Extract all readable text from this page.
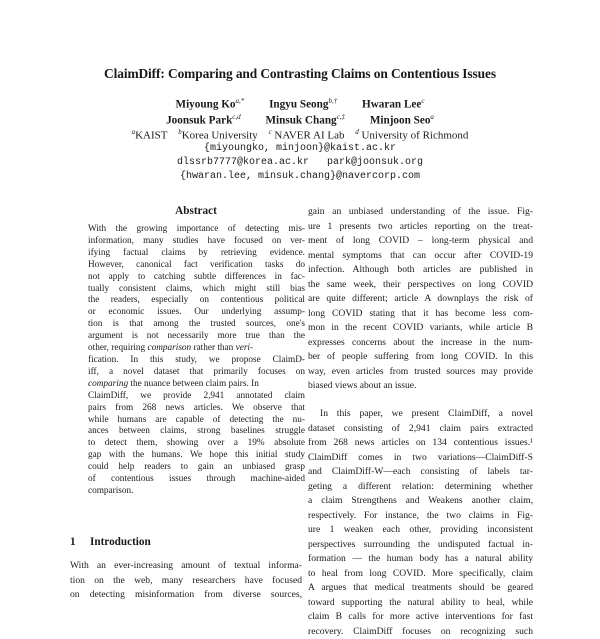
ClaimDiff: Comparing and Contrasting Claims on Contentious Issues
Miyoung $Ko^{a,*}$ Ingyu Seong$^{b,\dagger}$ Hwaran Lee$^c$
Joonsuk Park$^{c,d}$ Minsuk Chang$^{c,\ddagger}$ Minjoon Seo$^a$
$^a$KAIST $^b$Korea University $^c$ NAVER AI Lab $^d$ University of Richmond
{miyoungko, minjoon}@kaist.ac.kr
dlssrb7777@korea.ac.kr   park@joonsuk.org
{hwaran.lee, minsuk.chang}@navercorp.com
Abstract
With the growing importance of detecting mis-
information, many studies have focused on ver-
ifying factual claims by retrieving evidence.
However, canonical fact verification tasks do
not apply to catching subtle differences in fac-
tually consistent claims, which might still bias
the readers, especially on contentious political
or economic issues. Our underlying assump-
tion is that among the trusted sources, one's
argument is not necessarily more true than the
other, requiring comparison rather than veri-
fication. In this study, we propose ClaimD-
iff, a novel dataset that primarily focuses on
comparing the nuance between claim pairs. In
ClaimDiff, we provide 2,941 annotated claim
pairs from 268 news articles. We observe that
while humans are capable of detecting the nu-
ances between claims, strong baselines struggle
to detect them, showing over a 19% absolute
gap with the humans. We hope this initial study
could help readers to gain an unbiased grasp
of contentious issues through machine-aided
comparison.
gain an unbiased understanding of the issue. Fig-
ure 1 presents two articles reporting on the treat-
ment of long COVID – long-term physical and
mental symptoms that can occur after COVID-19
infection. Although both articles are published in
the same week, their perspectives on long COVID
are quite different; article A downplays the risk of
long COVID stating that it has become less com-
mon in the recent COVID variants, while article B
expresses concerns about the increase in the num-
ber of people suffering from long COVID. In this
way, even articles from trusted sources may provide
biased views about an issue.
In this paper, we present ClaimDiff, a novel
dataset consisting of 2,941 claim pairs extracted
from 268 news articles on 134 contentious issues.¹
ClaimDiff comes in two variations—ClaimDiff-S
and ClaimDiff-W—each consisting of labels tar-
geting a different relation: determining whether
a claim Strengthens and Weakens another claim,
respectively. For instance, the two claims in Fig-
ure 1 weaken each other, providing inconsistent
perspectives surrounding the undisputed factual in-
formation — the human body has a natural ability
to heal from long COVID. More specifically, claim
A argues that medical treatments should be geared
toward supporting the natural ability to heal, while
claim B calls for more active interventions for fast
recovery. ClaimDiff focuses on recognizing such
1 Introduction
With an ever-increasing amount of textual informa-
tion on the web, many researchers have focused
on detecting misinformation from diverse sources,
